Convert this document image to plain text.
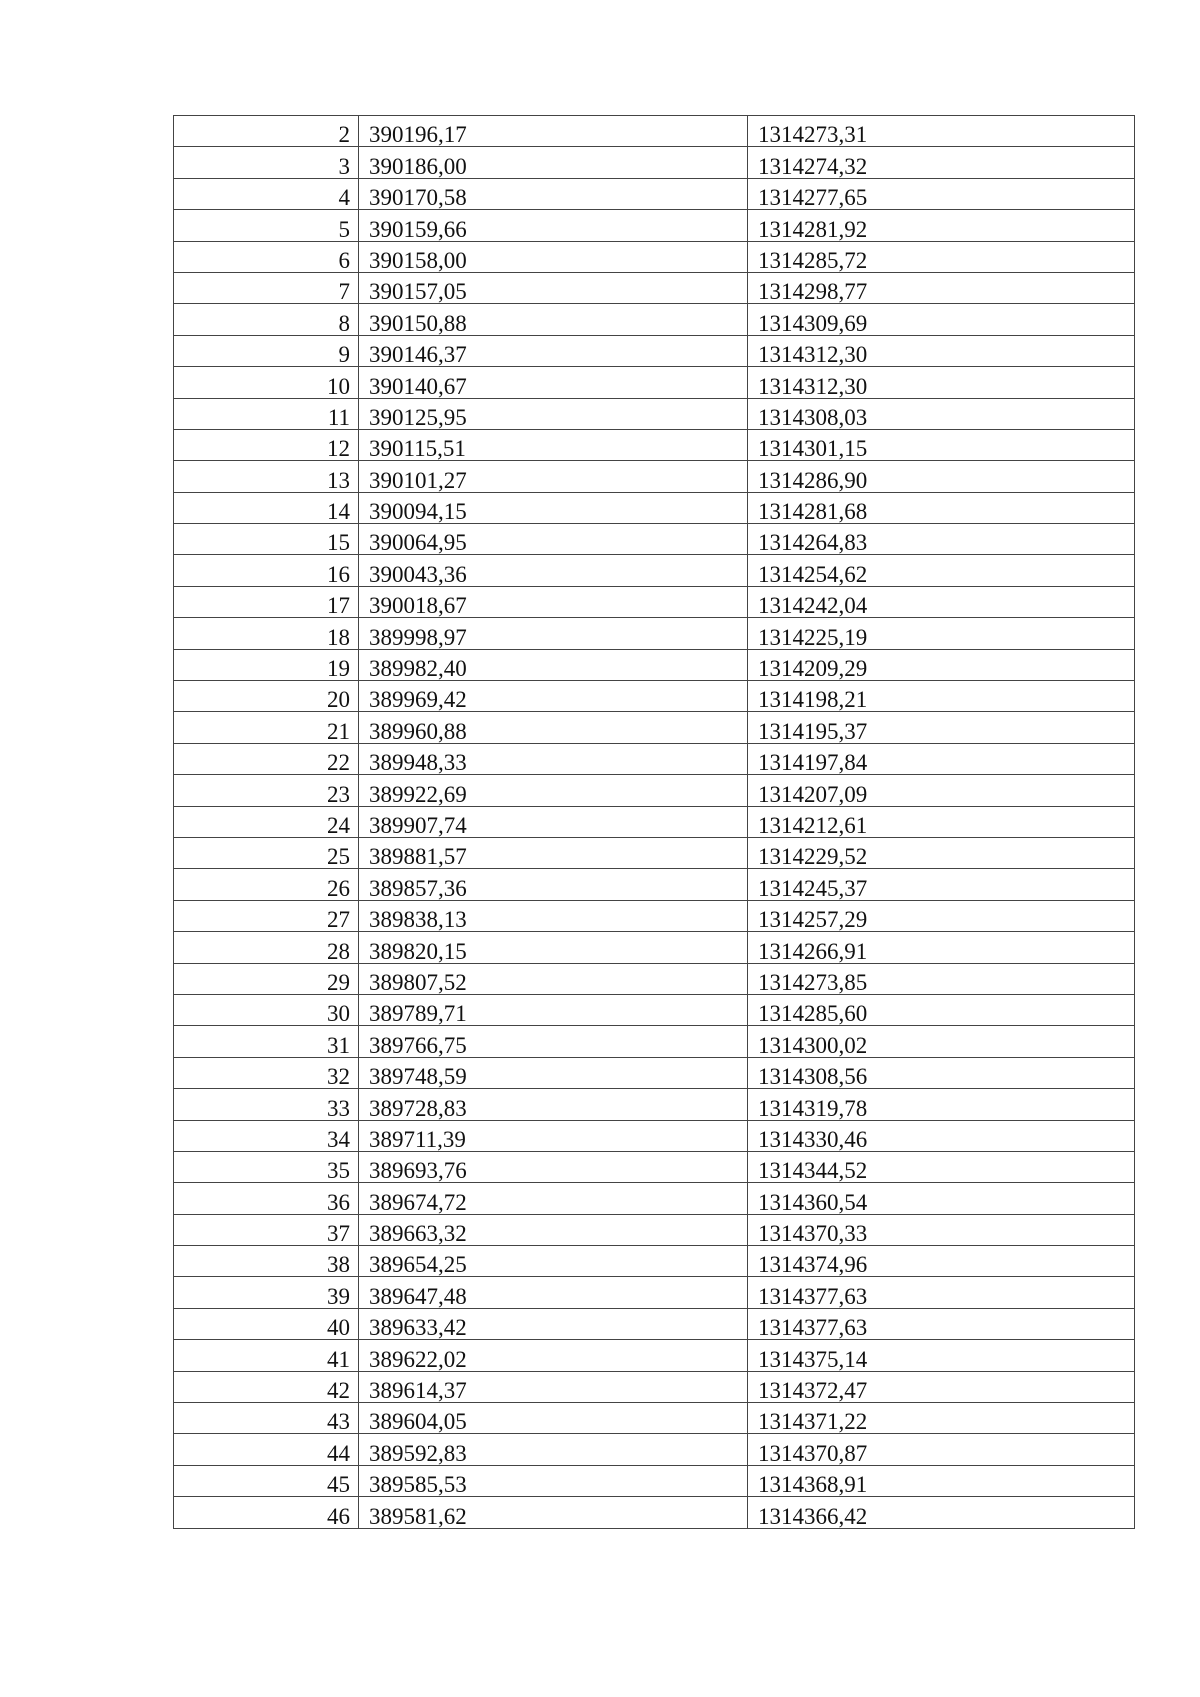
2	390196,17	1314273,31
3	390186,00	1314274,32
4	390170,58	1314277,65
5	390159,66	1314281,92
6	390158,00	1314285,72
7	390157,05	1314298,77
8	390150,88	1314309,69
9	390146,37	1314312,30
10	390140,67	1314312,30
11	390125,95	1314308,03
12	390115,51	1314301,15
13	390101,27	1314286,90
14	390094,15	1314281,68
15	390064,95	1314264,83
16	390043,36	1314254,62
17	390018,67	1314242,04
18	389998,97	1314225,19
19	389982,40	1314209,29
20	389969,42	1314198,21
21	389960,88	1314195,37
22	389948,33	1314197,84
23	389922,69	1314207,09
24	389907,74	1314212,61
25	389881,57	1314229,52
26	389857,36	1314245,37
27	389838,13	1314257,29
28	389820,15	1314266,91
29	389807,52	1314273,85
30	389789,71	1314285,60
31	389766,75	1314300,02
32	389748,59	1314308,56
33	389728,83	1314319,78
34	389711,39	1314330,46
35	389693,76	1314344,52
36	389674,72	1314360,54
37	389663,32	1314370,33
38	389654,25	1314374,96
39	389647,48	1314377,63
40	389633,42	1314377,63
41	389622,02	1314375,14
42	389614,37	1314372,47
43	389604,05	1314371,22
44	389592,83	1314370,87
45	389585,53	1314368,91
46	389581,62	1314366,42
